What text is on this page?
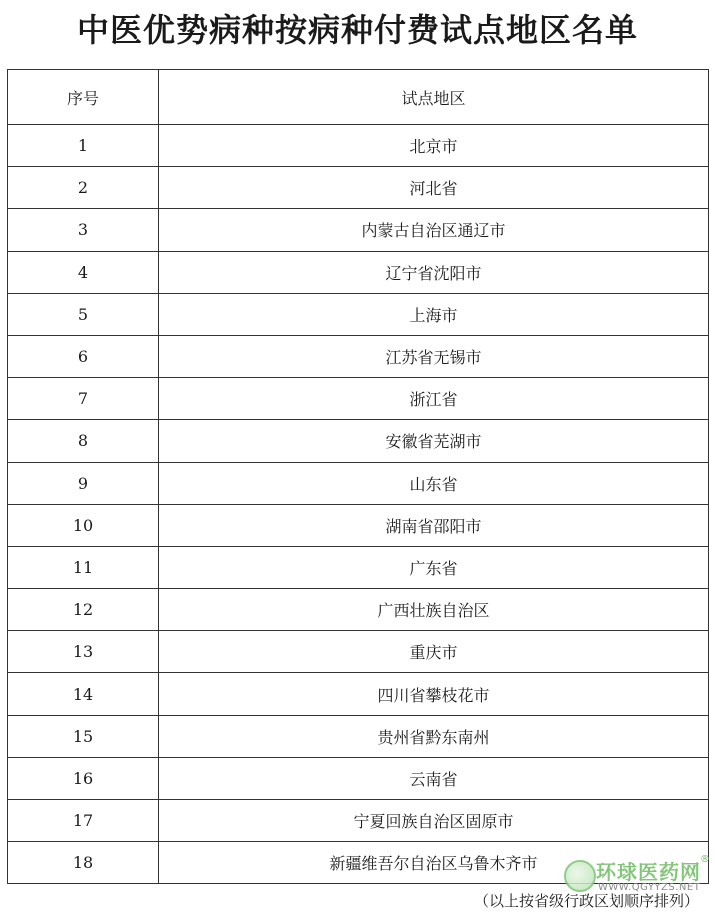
中医优势病种按病种付费试点地区名单
序号	试点地区
1	北京市
2	河北省
3	内蒙古自治区通辽市
4	辽宁省沈阳市
5	上海市
6	江苏省无锡市
7	浙江省
8	安徽省芜湖市
9	山东省
10	湖南省邵阳市
11	广东省
12	广西壮族自治区
13	重庆市
14	四川省攀枝花市
15	贵州省黔东南州
16	云南省
17	宁夏回族自治区固原市
18	新疆维吾尔自治区乌鲁木齐市
（以上按省级行政区划顺序排列）
环球医药网
®
WWW.QGYYZS.NET
